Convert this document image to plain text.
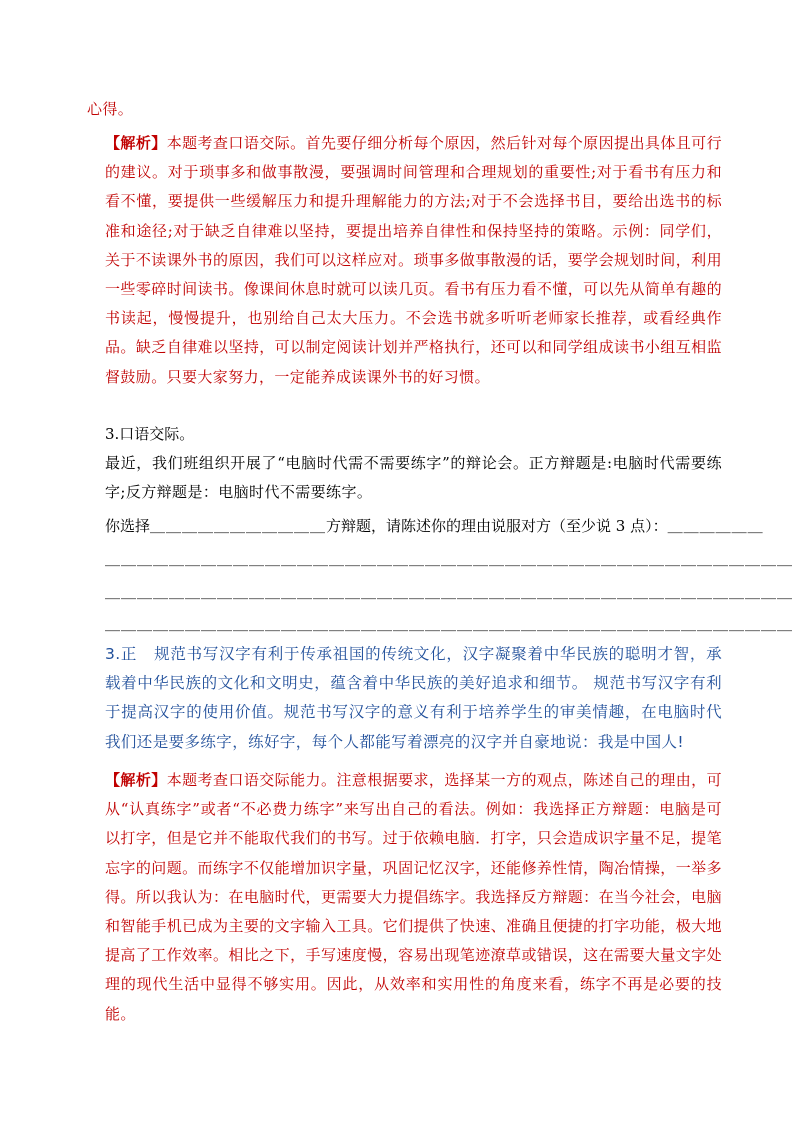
心得。

【解析】本题考查口语交际。首先要仔细分析每个原因，然后针对每个原因提出具体且可行的建议。对于琐事多和做事散漫，要强调时间管理和合理规划的重要性;对于看书有压力和看不懂，要提供一些缓解压力和提升理解能力的方法;对于不会选择书目，要给出选书的标准和途径;对于缺乏自律难以坚持，要提出培养自律性和保持坚持的策略。示例：同学们，关于不读课外书的原因，我们可以这样应对。琐事多做事散漫的话，要学会规划时间，利用一些零碎时间读书。像课间休息时就可以读几页。看书有压力看不懂，可以先从简单有趣的书读起，慢慢提升，也别给自己太大压力。不会选书就多听听老师家长推荐，或看经典作品。缺乏自律难以坚持，可以制定阅读计划并严格执行，还可以和同学组成读书小组互相监督鼓励。只要大家努力，一定能养成读课外书的好习惯。

3.口语交际。

最近，我们班组织开展了“电脑时代需不需要练字”的辩论会。正方辩题是:电脑时代需要练字;反方辩题是：电脑时代不需要练字。

你选择＿＿＿＿＿＿＿＿＿＿＿方辩题，请陈述你的理由说服对方（至少说 3 点）：＿＿＿＿＿＿
＿＿＿＿＿＿＿＿＿＿＿＿＿＿＿＿＿＿＿＿＿＿＿＿＿＿＿＿＿＿＿＿＿＿＿＿＿＿＿＿＿＿＿
＿＿＿＿＿＿＿＿＿＿＿＿＿＿＿＿＿＿＿＿＿＿＿＿＿＿＿＿＿＿＿＿＿＿＿＿＿＿＿＿＿＿＿
＿＿＿＿＿＿＿＿＿＿＿＿＿＿＿＿＿＿＿＿＿＿＿＿＿＿＿＿＿＿＿＿＿＿＿＿＿＿＿＿＿＿＿

3.正 规范书写汉字有利于传承祖国的传统文化，汉字凝聚着中华民族的聪明才智，承载着中华民族的文化和文明史，蕴含着中华民族的美好追求和细节。 规范书写汉字有利于提高汉字的使用价值。规范书写汉字的意义有利于培养学生的审美情趣，在电脑时代我们还是要多练字，练好字，每个人都能写着漂亮的汉字并自豪地说：我是中国人!

【解析】本题考查口语交际能力。注意根据要求，选择某一方的观点，陈述自己的理由，可从“认真练字”或者“不必费力练字”来写出自己的看法。例如：我选择正方辩题：电脑是可以打字，但是它并不能取代我们的书写。过于依赖电脑．打字，只会造成识字量不足，提笔忘字的问题。而练字不仅能增加识字量，巩固记忆汉字，还能修养性情，陶冶情操，一举多得。所以我认为：在电脑时代，更需要大力提倡练字。我选择反方辩题：在当今社会，电脑和智能手机已成为主要的文字输入工具。它们提供了快速、准确且便捷的打字功能，极大地提高了工作效率。相比之下，手写速度慢，容易出现笔迹潦草或错误，这在需要大量文字处理的现代生活中显得不够实用。因此，从效率和实用性的角度来看，练字不再是必要的技能。
